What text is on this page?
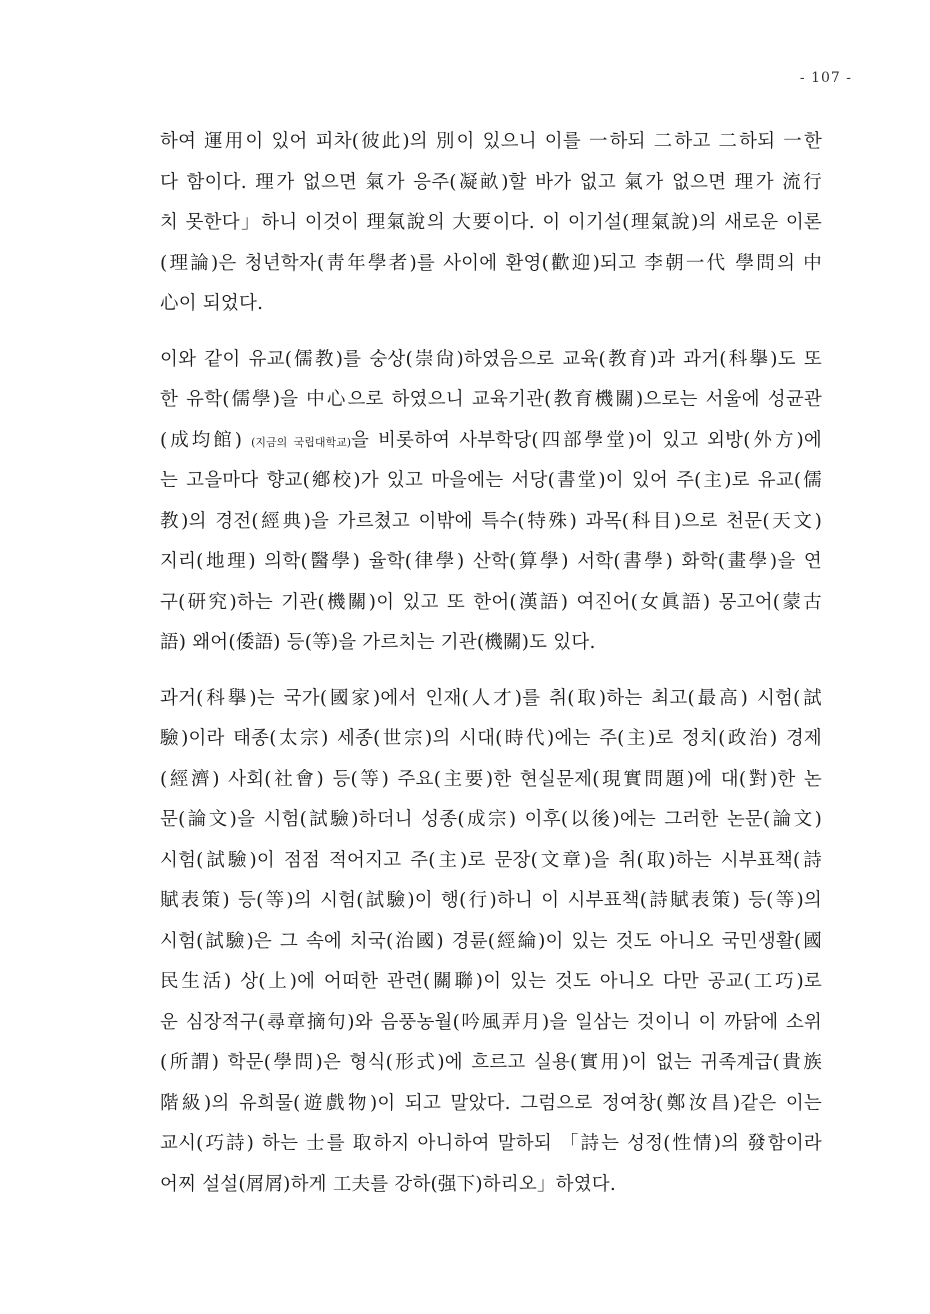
- 107 -
하여 運用이 있어 피차(彼此)의 別이 있으니 이를 一하되 二하고 二하되 一한
다 함이다. 理가 없으면 氣가 응주(凝畝)할 바가 없고 氣가 없으면 理가 流行
치 못한다」하니 이것이 理氣說의 大要이다. 이 이기설(理氣說)의 새로운 이론
(理論)은 청년학자(靑年學者)를 사이에 환영(歡迎)되고 李朝一代 學問의 中
心이 되었다.
이와 같이 유교(儒教)를 숭상(崇尙)하였음으로 교육(教育)과 과거(科擧)도 또
한 유학(儒學)을 中心으로 하였으니 교육기관(教育機關)으로는 서울에 성균관
(成均館) (지금의 국립대학교)을 비롯하여 사부학당(四部學堂)이 있고 외방(外方)에
는 고을마다 향교(鄕校)가 있고 마을에는 서당(書堂)이 있어 주(主)로 유교(儒
教)의 경전(經典)을 가르쳤고 이밖에 특수(特殊) 과목(科目)으로 천문(天文)
지리(地理) 의학(醫學) 율학(律學) 산학(算學) 서학(書學) 화학(畫學)을 연
구(研究)하는 기관(機關)이 있고 또 한어(漢語) 여진어(女眞語) 몽고어(蒙古
語) 왜어(倭語) 등(等)을 가르치는 기관(機關)도 있다.
과거(科擧)는 국가(國家)에서 인재(人才)를 취(取)하는 최고(最高) 시험(試
驗)이라 태종(太宗) 세종(世宗)의 시대(時代)에는 주(主)로 정치(政治) 경제
(經濟) 사회(社會) 등(等) 주요(主要)한 현실문제(現實問題)에 대(對)한 논
문(論文)을 시험(試驗)하더니 성종(成宗) 이후(以後)에는 그러한 논문(論文)
시험(試驗)이 점점 적어지고 주(主)로 문장(文章)을 취(取)하는 시부표책(詩
賦表策) 등(等)의 시험(試驗)이 행(行)하니 이 시부표책(詩賦表策) 등(等)의
시험(試驗)은 그 속에 치국(治國) 경륜(經綸)이 있는 것도 아니오 국민생활(國
民生活) 상(上)에 어떠한 관련(關聯)이 있는 것도 아니오 다만 공교(工巧)로
운 심장적구(尋章摘句)와 음풍농월(吟風弄月)을 일삼는 것이니 이 까닭에 소위
(所謂) 학문(學問)은 형식(形式)에 흐르고 실용(實用)이 없는 귀족계급(貴族
階級)의 유희물(遊戲物)이 되고 말았다. 그럼으로 정여창(鄭汝昌)같은 이는
교시(巧詩) 하는 士를 取하지 아니하여 말하되 「詩는 성정(性情)의 發함이라
어찌 설설(屑屑)하게 工夫를 강하(强下)하리오」하였다.
